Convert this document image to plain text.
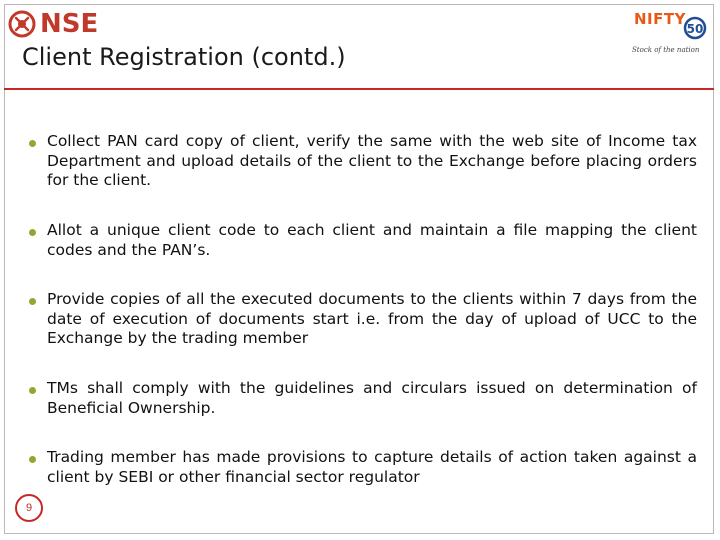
NSE
Client Registration (contd.)
NIFTY
50
Stock of the nation
Collect PAN card copy of client, verify the same with the web site of Income tax Department and upload details of the client to the Exchange before placing orders for the client.
Allot a unique client code to each client and maintain a file mapping the client codes and the PAN’s.
Provide copies of all the executed documents to the clients within 7 days from the date of execution of documents start i.e. from the day of upload of UCC to the Exchange by the trading member
TMs shall comply with the guidelines and circulars issued on determination of Beneficial Ownership.
Trading member has made provisions to capture details of action taken against a client by SEBI or other financial sector regulator
9
